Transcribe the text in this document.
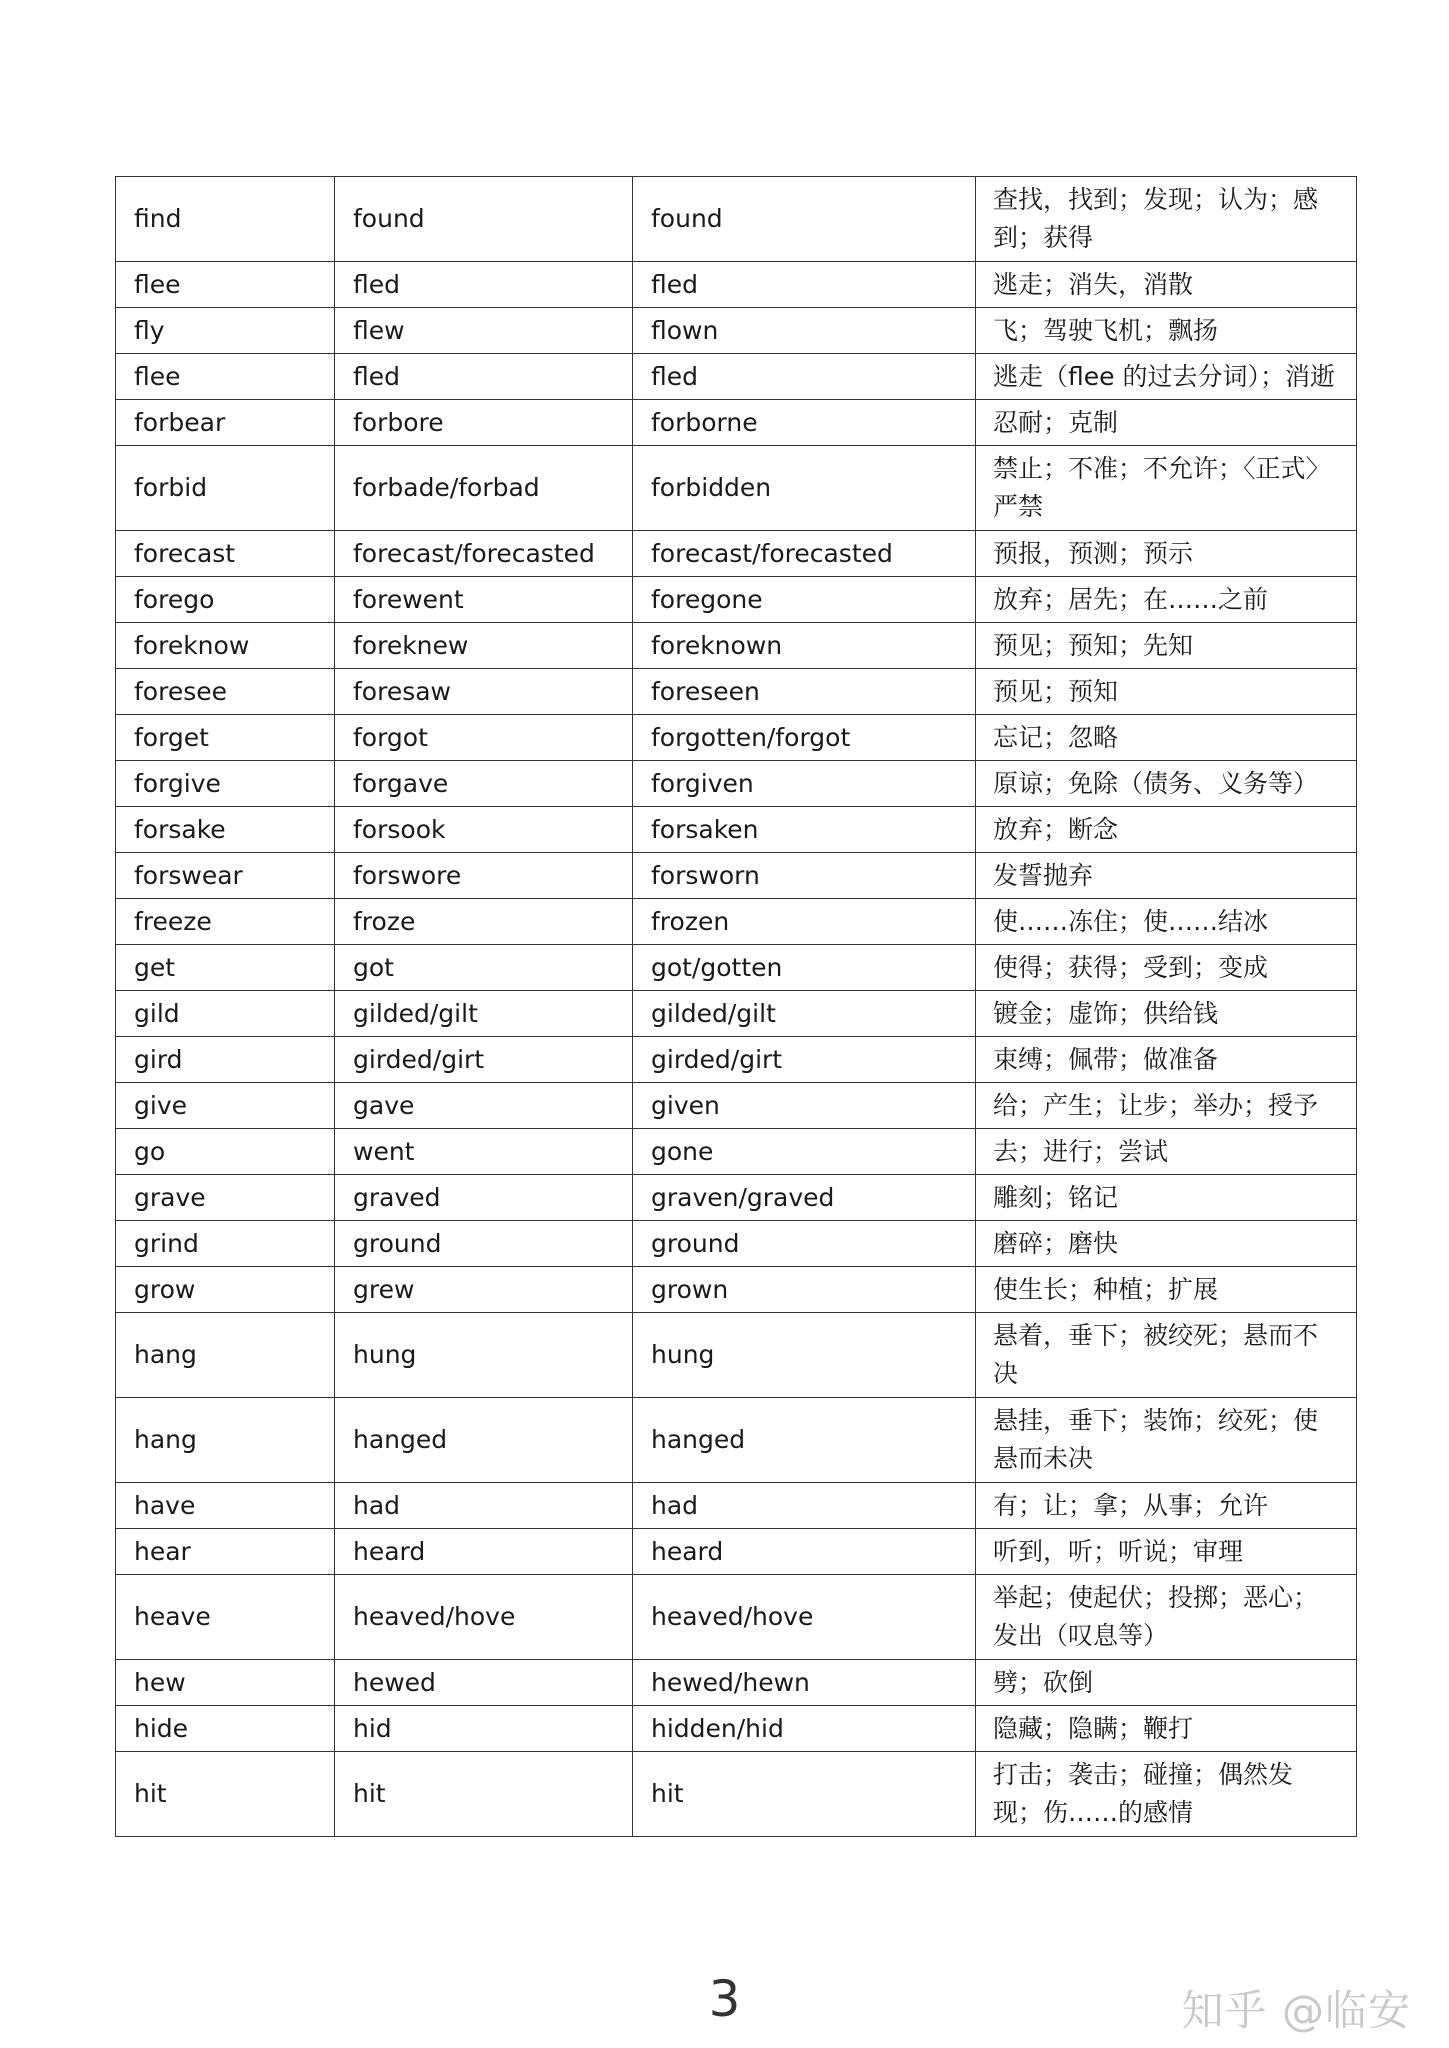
find	found	found	查找，找到；发现；认为；感到；获得
flee	fled	fled	逃走；消失，消散
fly	flew	flown	飞；驾驶飞机；飘扬
flee	fled	fled	逃走（flee 的过去分词）；消逝
forbear	forbore	forborne	忍耐；克制
forbid	forbade/forbad	forbidden	禁止；不准；不允许；〈正式〉严禁
forecast	forecast/forecasted	forecast/forecasted	预报，预测；预示
forego	forewent	foregone	放弃；居先；在……之前
foreknow	foreknew	foreknown	预见；预知；先知
foresee	foresaw	foreseen	预见；预知
forget	forgot	forgotten/forgot	忘记；忽略
forgive	forgave	forgiven	原谅；免除（债务、义务等）
forsake	forsook	forsaken	放弃；断念
forswear	forswore	forsworn	发誓抛弃
freeze	froze	frozen	使……冻住；使……结冰
get	got	got/gotten	使得；获得；受到；变成
gild	gilded/gilt	gilded/gilt	镀金；虚饰；供给钱
gird	girded/girt	girded/girt	束缚；佩带；做准备
give	gave	given	给；产生；让步；举办；授予
go	went	gone	去；进行；尝试
grave	graved	graven/graved	雕刻；铭记
grind	ground	ground	磨碎；磨快
grow	grew	grown	使生长；种植；扩展
hang	hung	hung	悬着，垂下；被绞死；悬而不决
hang	hanged	hanged	悬挂，垂下；装饰；绞死；使悬而未决
have	had	had	有；让；拿；从事；允许
hear	heard	heard	听到，听；听说；审理
heave	heaved/hove	heaved/hove	举起；使起伏；投掷；恶心；发出（叹息等）
hew	hewed	hewed/hewn	劈；砍倒
hide	hid	hidden/hid	隐藏；隐瞒；鞭打
hit	hit	hit	打击；袭击；碰撞；偶然发现；伤……的感情
3	知乎 @临安
